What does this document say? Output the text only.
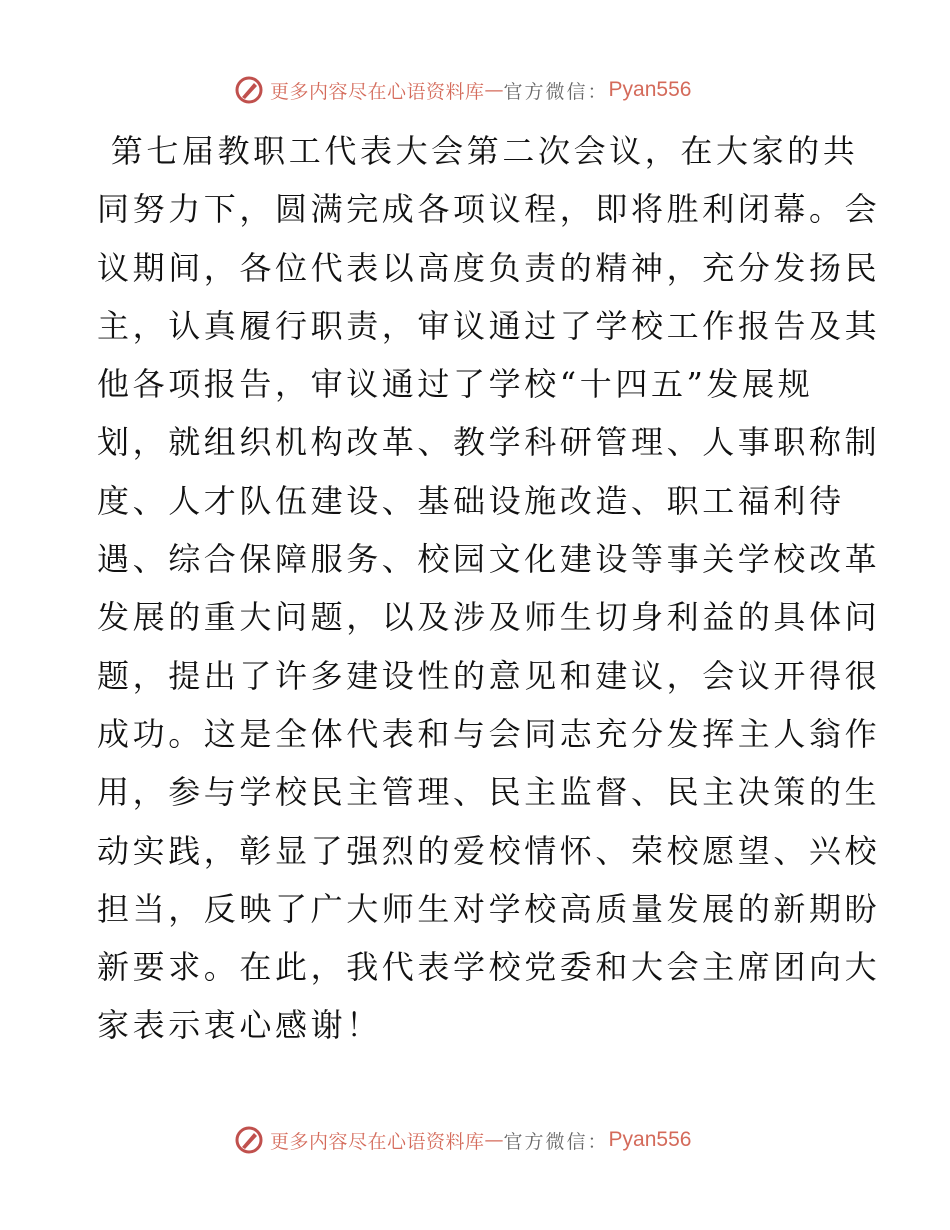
更多内容尽在心语资料库 — 官方微信： Pyan556
第七届教职工代表大会第二次会议，在大家的共
同努力下，圆满完成各项议程，即将胜利闭幕。会
议期间，各位代表以高度负责的精神，充分发扬民
主，认真履行职责，审议通过了学校工作报告及其
他各项报告，审议通过了学校“十四五”发展规
划，就组织机构改革、教学科研管理、人事职称制
度、人才队伍建设、基础设施改造、职工福利待
遇、综合保障服务、校园文化建设等事关学校改革
发展的重大问题，以及涉及师生切身利益的具体问
题，提出了许多建设性的意见和建议，会议开得很
成功。这是全体代表和与会同志充分发挥主人翁作
用，参与学校民主管理、民主监督、民主决策的生
动实践，彰显了强烈的爱校情怀、荣校愿望、兴校
担当，反映了广大师生对学校高质量发展的新期盼
新要求。在此，我代表学校党委和大会主席团向大
家表示衷心感谢！
更多内容尽在心语资料库 — 官方微信： Pyan556
